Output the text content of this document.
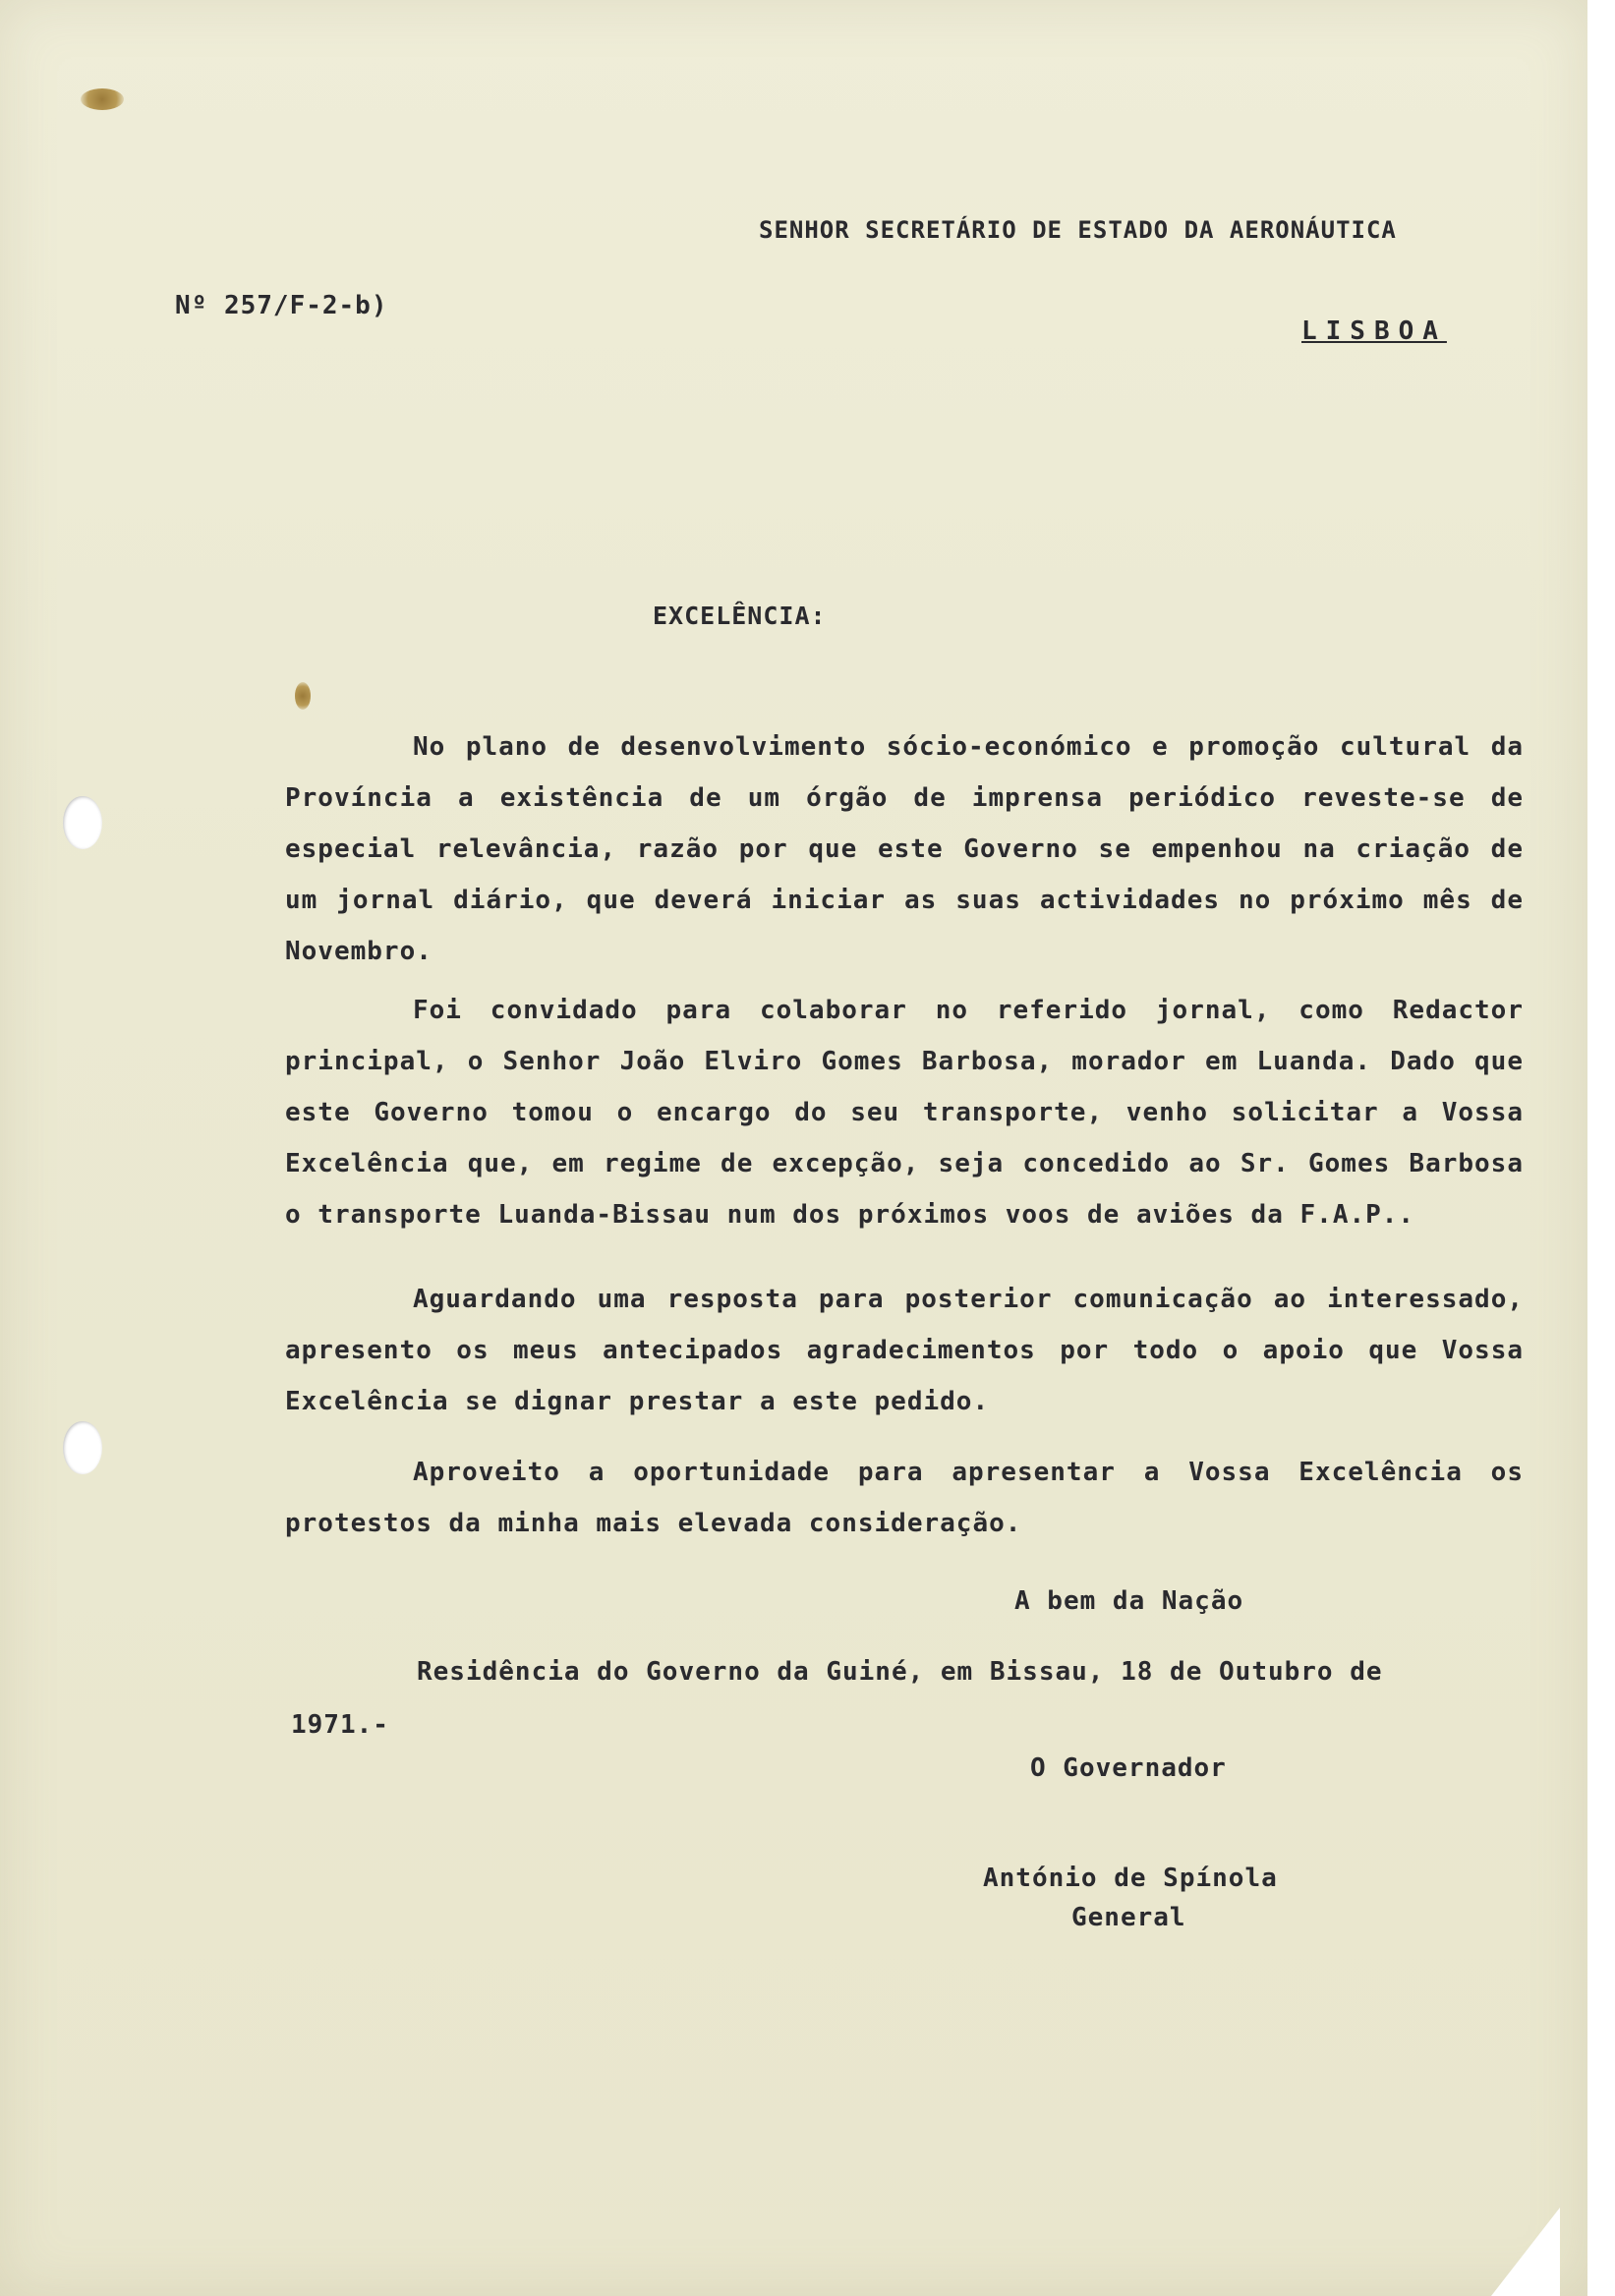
SENHOR SECRETÁRIO DE ESTADO DA AERONÁUTICA
Nº 257/F-2-b)
LISBOA
EXCELÊNCIA:
No plano de desenvolvimento sócio-económico e promoção cultural da Província a existência de um órgão de imprensa periódico reveste-se de especial relevância, razão por que este Governo se empenhou na criação de um jornal diário, que deverá iniciar as suas actividades no próximo mês de Novembro.
Foi convidado para colaborar no referido jornal, como Redactor principal, o Senhor João Elviro Gomes Barbosa, morador em Luanda. Dado que este Governo tomou o encargo do seu transporte, venho solicitar a Vossa Excelência que, em regime de excepção, seja concedido ao Sr. Gomes Barbosa o transporte Luanda-Bissau num dos próximos voos de aviões da F.A.P..
Aguardando uma resposta para posterior comunicação ao interessado, apresento os meus antecipados agradecimentos por todo o apoio que Vossa Excelência se dignar prestar a este pedido.
Aproveito a oportunidade para apresentar a Vossa Excelência os protestos da minha mais elevada consideração.
A bem da Nação
Residência do Governo da Guiné, em Bissau, 18 de Outubro de
1971.-
O Governador
António de Spínola
General
